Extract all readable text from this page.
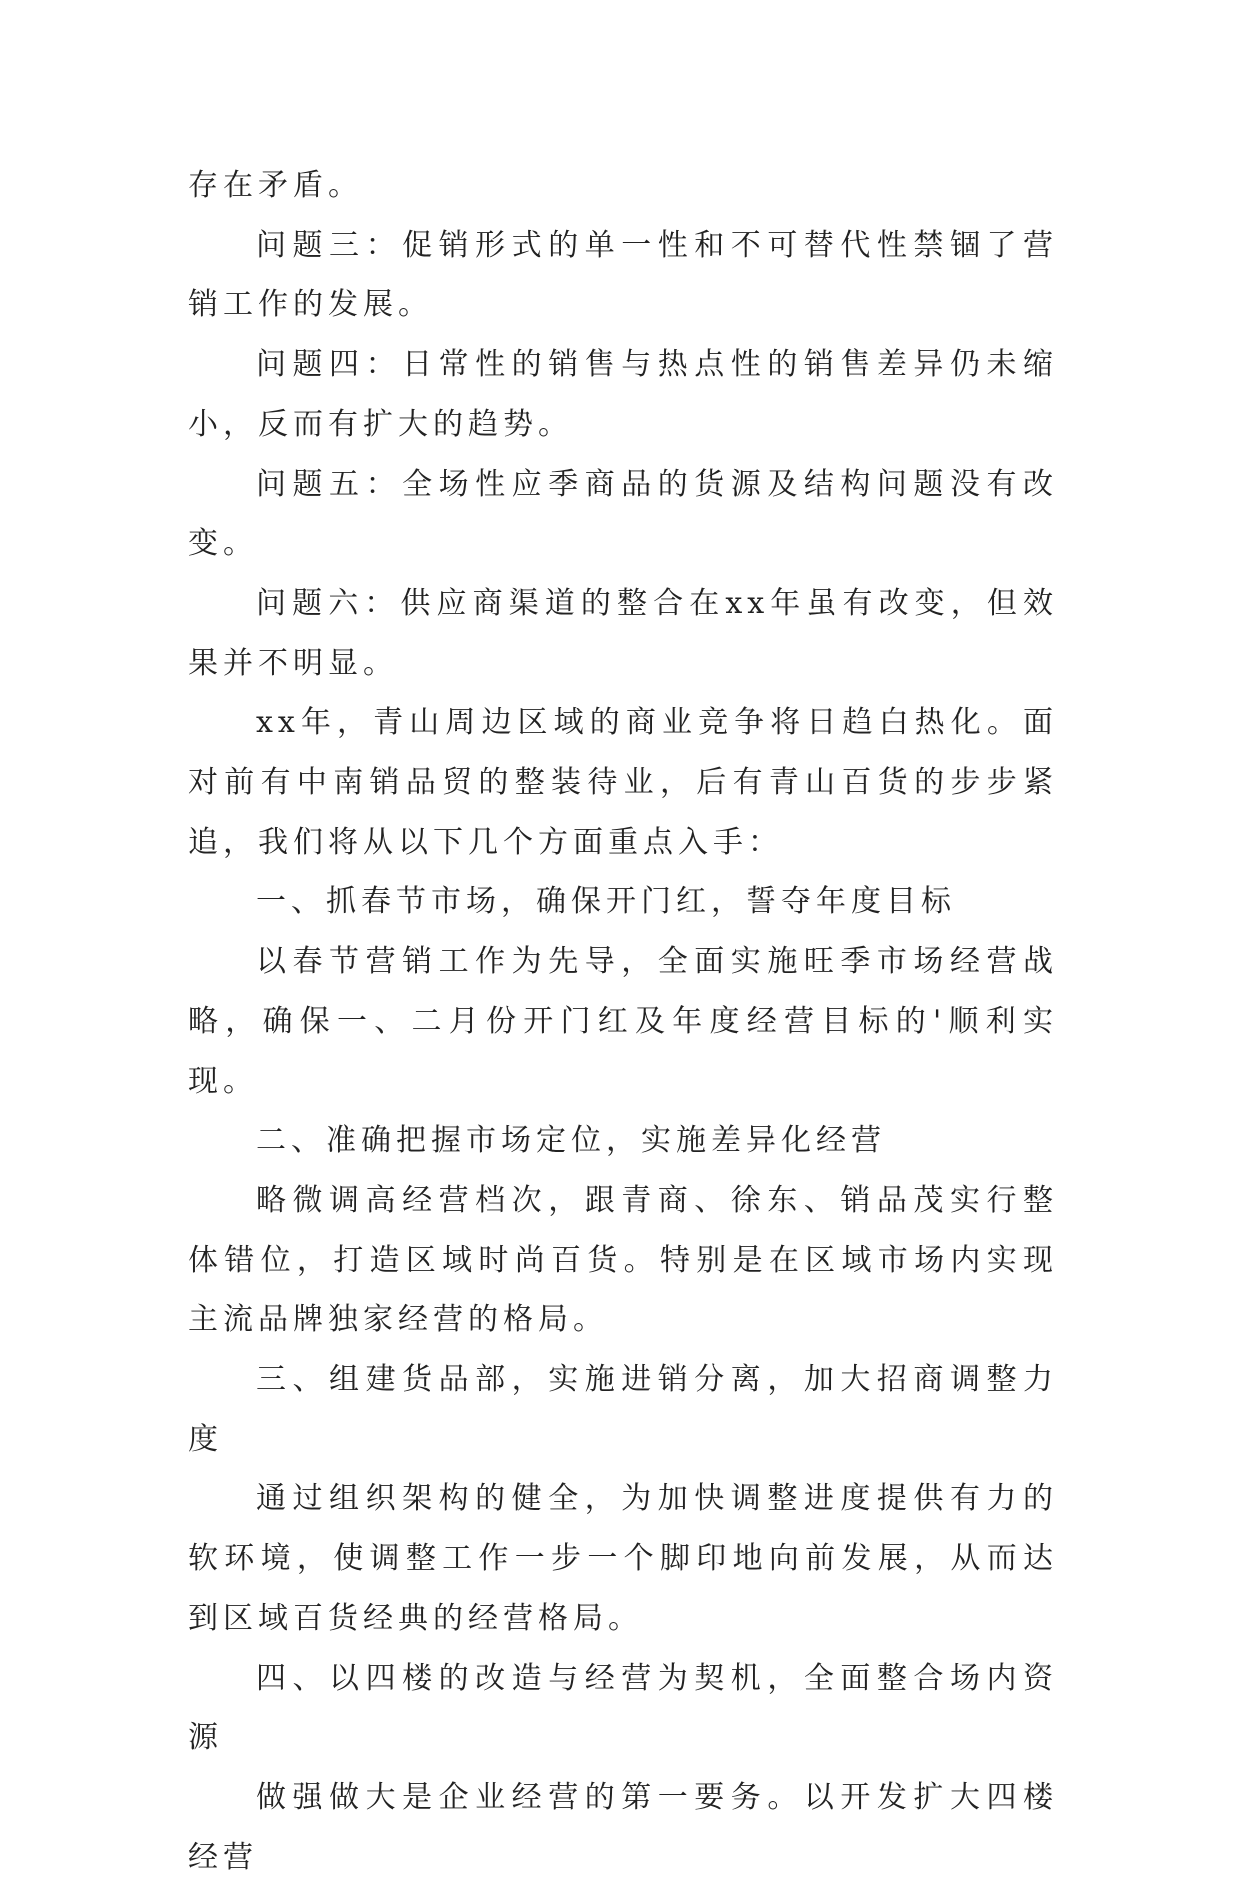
存在矛盾。

问题三：促销形式的单一性和不可替代性禁锢了营销工作的发展。

问题四：日常性的销售与热点性的销售差异仍未缩小，反而有扩大的趋势。

问题五：全场性应季商品的货源及结构问题没有改变。

问题六：供应商渠道的整合在xx年虽有改变，但效果并不明显。

xx年，青山周边区域的商业竞争将日趋白热化。面对前有中南销品贸的整装待业，后有青山百货的步步紧追，我们将从以下几个方面重点入手：

一、抓春节市场，确保开门红，誓夺年度目标

以春节营销工作为先导，全面实施旺季市场经营战略，确保一、二月份开门红及年度经营目标的'顺利实现。

二、准确把握市场定位，实施差异化经营

略微调高经营档次，跟青商、徐东、销品茂实行整体错位，打造区域时尚百货。特别是在区域市场内实现主流品牌独家经营的格局。

三、组建货品部，实施进销分离，加大招商调整力度

通过组织架构的健全，为加快调整进度提供有力的软环境，使调整工作一步一个脚印地向前发展，从而达到区域百货经典的经营格局。

四、以四楼的改造与经营为契机，全面整合场内资源

做强做大是企业经营的第一要务。以开发扩大四楼经营
